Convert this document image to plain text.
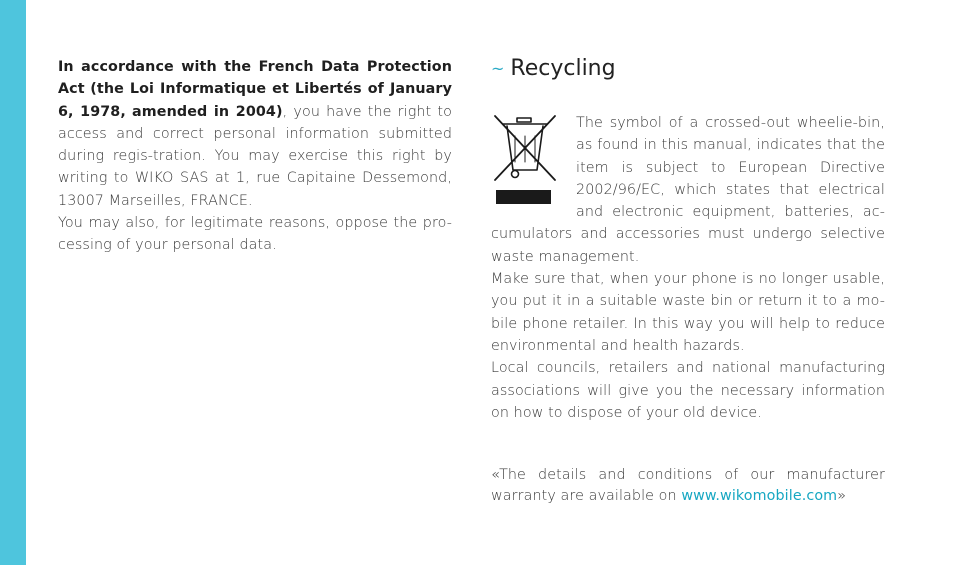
In accordance with the French Data Protection Act (the Loi Informatique et Libertés of January 6, 1978, amended in 2004), you have the right to access and correct personal information submitted during regis-tration. You may exercise this right by writing to WIKO SAS at 1, rue Capitaine Dessemond, 13007 Marseilles, FRANCE.

You may also, for legitimate reasons, oppose the pro-cessing of your personal data.

~ Recycling

The symbol of a crossed-out wheelie-bin, as found in this manual, indicates that the item is subject to European Directive 2002/96/EC, which states that electrical and electronic equipment, batteries, ac-cumulators and accessories must undergo selective waste management.

Make sure that, when your phone is no longer usable, you put it in a suitable waste bin or return it to a mo-bile phone retailer. In this way you will help to reduce environmental and health hazards.

Local councils, retailers and national manufacturing associations will give you the necessary information on how to dispose of your old device.

«The details and conditions of our manufacturer
warranty are available on www.wikomobile.com»
